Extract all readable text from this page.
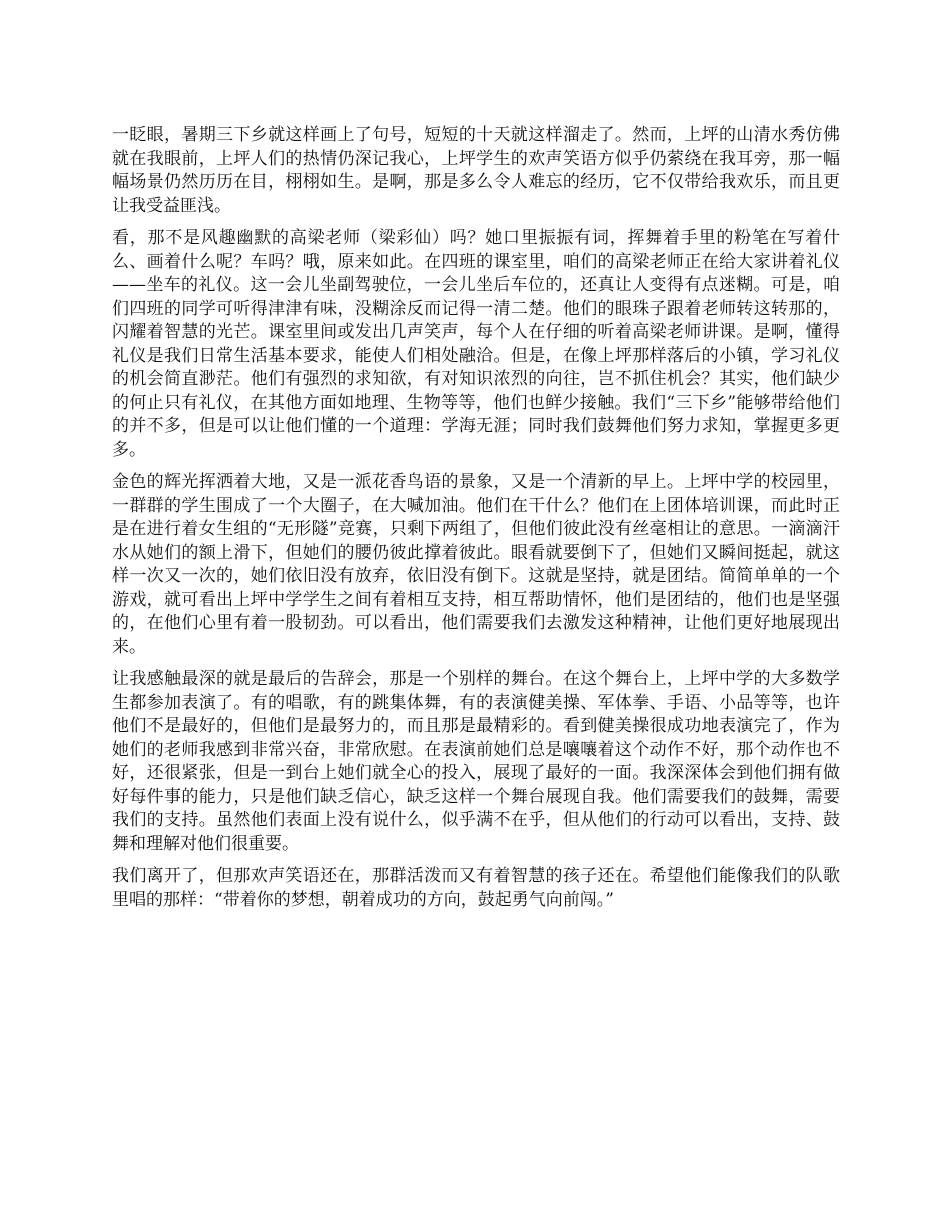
一眨眼，暑期三下乡就这样画上了句号，短短的十天就这样溜走了。然而，上坪的山清水秀仿佛就在我眼前，上坪人们的热情仍深记我心，上坪学生的欢声笑语方似乎仍萦绕在我耳旁，那一幅幅场景仍然历历在目，栩栩如生。是啊，那是多么令人难忘的经历，它不仅带给我欢乐，而且更让我受益匪浅。

看，那不是风趣幽默的高梁老师（梁彩仙）吗？她口里振振有词，挥舞着手里的粉笔在写着什么、画着什么呢？车吗？哦，原来如此。在四班的课室里，咱们的高梁老师正在给大家讲着礼仪——坐车的礼仪。这一会儿坐副驾驶位，一会儿坐后车位的，还真让人变得有点迷糊。可是，咱们四班的同学可听得津津有味，没糊涂反而记得一清二楚。他们的眼珠子跟着老师转这转那的，闪耀着智慧的光芒。课室里间或发出几声笑声，每个人在仔细的听着高梁老师讲课。是啊，懂得礼仪是我们日常生活基本要求，能使人们相处融洽。但是，在像上坪那样落后的小镇，学习礼仪的机会简直渺茫。他们有强烈的求知欲，有对知识浓烈的向往，岂不抓住机会？其实，他们缺少的何止只有礼仪，在其他方面如地理、生物等等，他们也鲜少接触。我们“三下乡”能够带给他们的并不多，但是可以让他们懂的一个道理：学海无涯；同时我们鼓舞他们努力求知，掌握更多更多。

金色的辉光挥洒着大地，又是一派花香鸟语的景象，又是一个清新的早上。上坪中学的校园里，一群群的学生围成了一个大圈子，在大喊加油。他们在干什么？他们在上团体培训课，而此时正是在进行着女生组的“无形隧”竞赛，只剩下两组了，但他们彼此没有丝毫相让的意思。一滴滴汗水从她们的额上滑下，但她们的腰仍彼此撑着彼此。眼看就要倒下了，但她们又瞬间挺起，就这样一次又一次的，她们依旧没有放弃，依旧没有倒下。这就是坚持，就是团结。简简单单的一个游戏，就可看出上坪中学学生之间有着相互支持，相互帮助情怀，他们是团结的，他们也是坚强的，在他们心里有着一股韧劲。可以看出，他们需要我们去激发这种精神，让他们更好地展现出来。

让我感触最深的就是最后的告辞会，那是一个别样的舞台。在这个舞台上，上坪中学的大多数学生都参加表演了。有的唱歌，有的跳集体舞，有的表演健美操、军体拳、手语、小品等等，也许他们不是最好的，但他们是最努力的，而且那是最精彩的。看到健美操很成功地表演完了，作为她们的老师我感到非常兴奋，非常欣慰。在表演前她们总是嚷嚷着这个动作不好，那个动作也不好，还很紧张，但是一到台上她们就全心的投入，展现了最好的一面。我深深体会到他们拥有做好每件事的能力，只是他们缺乏信心，缺乏这样一个舞台展现自我。他们需要我们的鼓舞，需要我们的支持。虽然他们表面上没有说什么，似乎满不在乎，但从他们的行动可以看出，支持、鼓舞和理解对他们很重要。

我们离开了，但那欢声笑语还在，那群活泼而又有着智慧的孩子还在。希望他们能像我们的队歌里唱的那样：“带着你的梦想，朝着成功的方向，鼓起勇气向前闯。”
